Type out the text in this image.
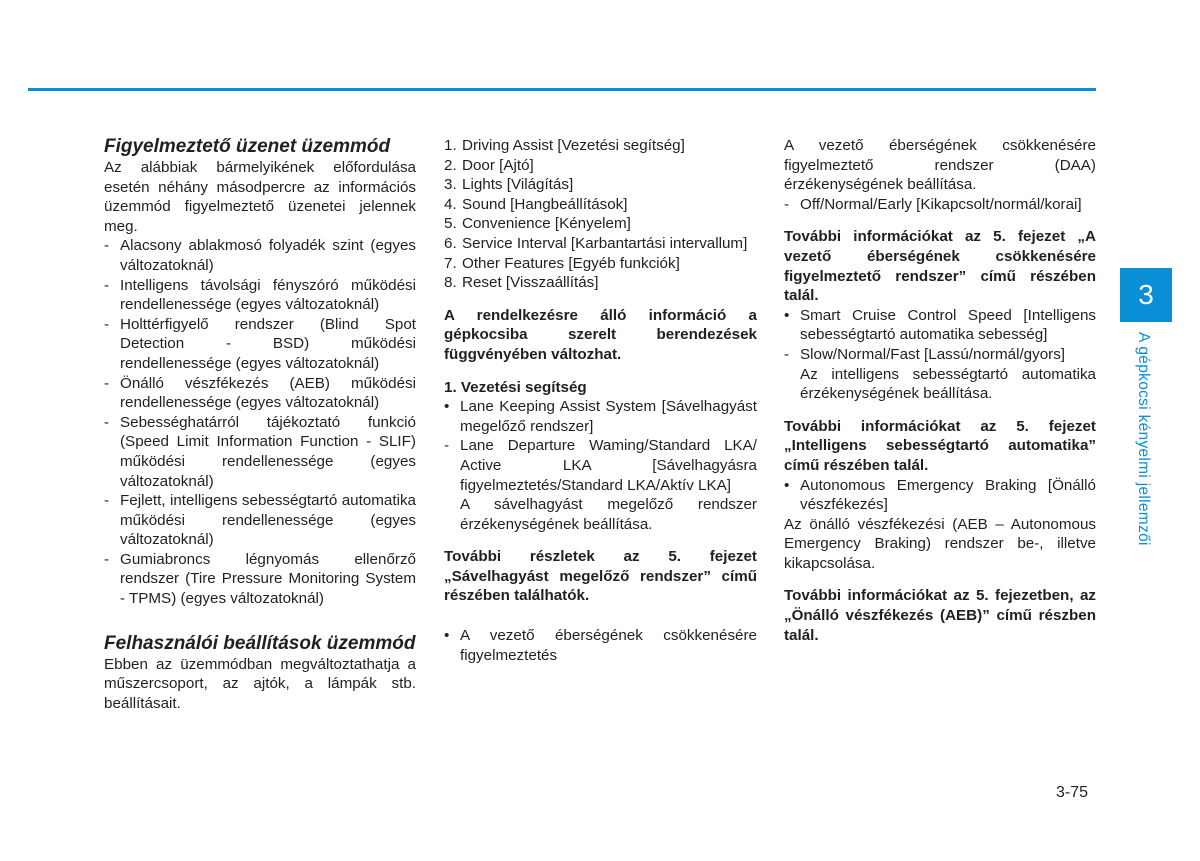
Figyelmeztető üzenet üzemmód

Az alábbiak bármelyikének előfordulása esetén néhány másodpercre az információs üzemmód figyelmeztető üzenetei jelennek meg.

- Alacsony ablakmosó folyadék szint (egyes változatoknál)
- Intelligens távolsági fényszóró működési rendellenessége (egyes változatoknál)
- Holttérfigyelő rendszer (Blind Spot Detection - BSD) működési rendellenessége (egyes változatoknál)
- Önálló vészfékezés (AEB) működési rendellenessége (egyes változatoknál)
- Sebességhatárról tájékoztató funkció (Speed Limit Information Function - SLIF) működési rendellenessége (egyes változatoknál)
- Fejlett, intelligens sebességtartó automatika működési rendellenessége (egyes változatoknál)
- Gumiabroncs légnyomás ellenőrző rendszer (Tire Pressure Monitoring System - TPMS) (egyes változatoknál)

Felhasználói beállítások üzemmód

Ebben az üzemmódban megváltoztathatja a műszercsoport, az ajtók, a lámpák stb. beállításait.

1. Driving Assist [Vezetési segítség]
2. Door [Ajtó]
3. Lights [Világítás]
4. Sound [Hangbeállítások]
5. Convenience [Kényelem]
6. Service Interval [Karbantartási intervallum]
7. Other Features [Egyéb funkciók]
8. Reset [Visszaállítás]

A rendelkezésre álló információ a gépkocsiba szerelt berendezések függvényében változhat.

1. Vezetési segítség

• Lane Keeping Assist System [Sávelhagyást megelőző rendszer]
- Lane Departure Waming/Standard LKA/ Active LKA [Sávelhagyásra figyelmeztetés/Standard LKA/Aktív LKA]
A sávelhagyást megelőző rendszer érzékenységének beállítása.

További részletek az 5. fejezet „Sávelhagyást megelőző rendszer” című részében találhatók.

• A vezető éberségének csökkenésére figyelmeztetés

A vezető éberségének csökkenésére figyelmeztető rendszer (DAA) érzékenységének beállítása.

- Off/Normal/Early [Kikapcsolt/normál/korai]

További információkat az 5. fejezet „A vezető éberségének csökkenésére figyelmeztető rendszer” című részében talál.

• Smart Cruise Control Speed [Intelligens sebességtartó automatika sebesség]
- Slow/Normal/Fast [Lassú/normál/gyors]
Az intelligens sebességtartó automatika érzékenységének beállítása.

További információkat az 5. fejezet „Intelligens sebességtartó automatika” című részében talál.

• Autonomous Emergency Braking [Önálló vészfékezés]

Az önálló vészfékezési (AEB – Autonomous Emergency Braking) rendszer be-, illetve kikapcsolása.

További információkat az 5. fejezetben, az „Önálló vészfékezés (AEB)” című részben talál.

3
A gépkocsi kényelmi jellemzői
3-75
